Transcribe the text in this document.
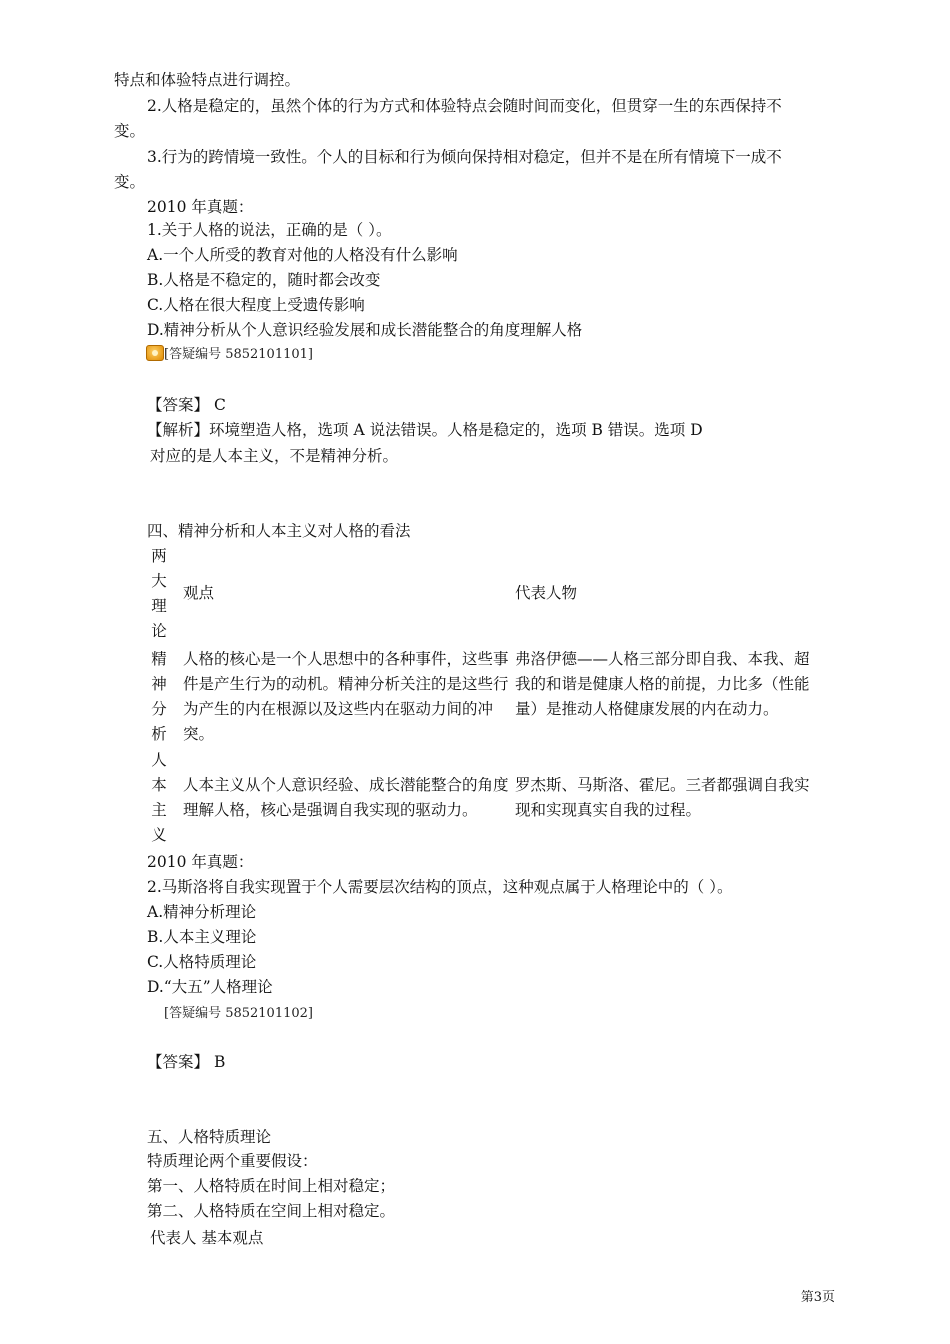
特点和体验特点进行调控。
2.人格是稳定的，虽然个体的行为方式和体验特点会随时间而变化，但贯穿一生的东西保持不
变。
3.行为的跨情境一致性。个人的目标和行为倾向保持相对稳定，但并不是在所有情境下一成不
变。
2010 年真题：
1.关于人格的说法，正确的是（ ）。
A.一个人所受的教育对他的人格没有什么影响
B.人格是不稳定的，随时都会改变
C.人格在很大程度上受遗传影响
D.精神分析从个人意识经验发展和成长潜能整合的角度理解人格
[答疑编号 5852101101]
【答案】 C
【解析】环境塑造人格，选项 A 说法错误。人格是稳定的，选项 B 错误。选项 D
对应的是人本主义，不是精神分析。
四、精神分析和人本主义对人格的看法
两
大
理
论
观点	代表人物
精
神
分
析
人格的核心是一个人思想中的各种事件，这些事件是产生行为的动机。精神分析关注的是这些行为产生的内在根源以及这些内在驱动力间的冲突。
弗洛伊德——人格三部分即自我、本我、超我的和谐是健康人格的前提，力比多（性能量）是推动人格健康发展的内在动力。
人
本
主
义
人本主义从个人意识经验、成长潜能整合的角度理解人格，核心是强调自我实现的驱动力。
罗杰斯、马斯洛、霍尼。三者都强调自我实现和实现真实自我的过程。
2010 年真题：
2.马斯洛将自我实现置于个人需要层次结构的顶点，这种观点属于人格理论中的（ ）。
A.精神分析理论
B.人本主义理论
C.人格特质理论
D.“大五”人格理论
[答疑编号 5852101102]
【答案】 B
五、人格特质理论
特质理论两个重要假设：
第一、人格特质在时间上相对稳定；
第二、人格特质在空间上相对稳定。
代表人 基本观点
第3页
